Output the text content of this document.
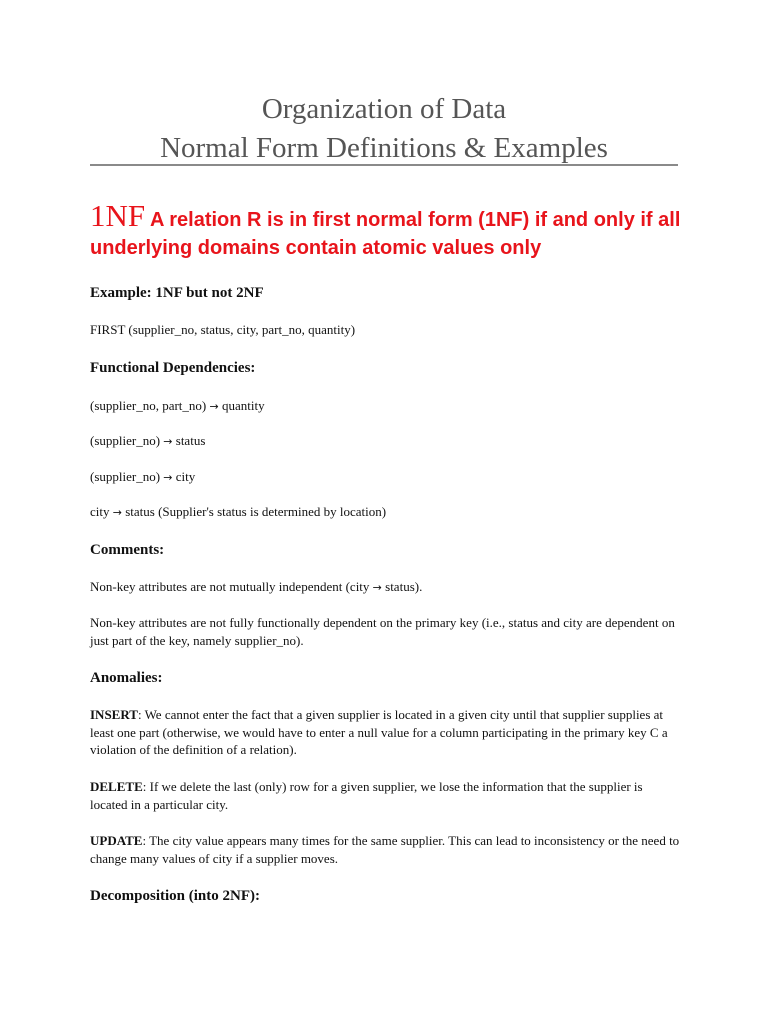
Organization of Data
Normal Form Definitions & Examples
1NF A relation R is in first normal form (1NF) if and only if all underlying domains contain atomic values only
Example: 1NF but not 2NF
FIRST (supplier_no, status, city, part_no, quantity)
Functional Dependencies:
(supplier_no, part_no) → quantity
(supplier_no) → status
(supplier_no) → city
city → status (Supplier's status is determined by location)
Comments:
Non-key attributes are not mutually independent (city → status).
Non-key attributes are not fully functionally dependent on the primary key (i.e., status and city are dependent on just part of the key, namely supplier_no).
Anomalies:
INSERT: We cannot enter the fact that a given supplier is located in a given city until that supplier supplies at least one part (otherwise, we would have to enter a null value for a column participating in the primary key C a violation of the definition of a relation).
DELETE: If we delete the last (only) row for a given supplier, we lose the information that the supplier is located in a particular city.
UPDATE: The city value appears many times for the same supplier. This can lead to inconsistency or the need to change many values of city if a supplier moves.
Decomposition (into 2NF):
